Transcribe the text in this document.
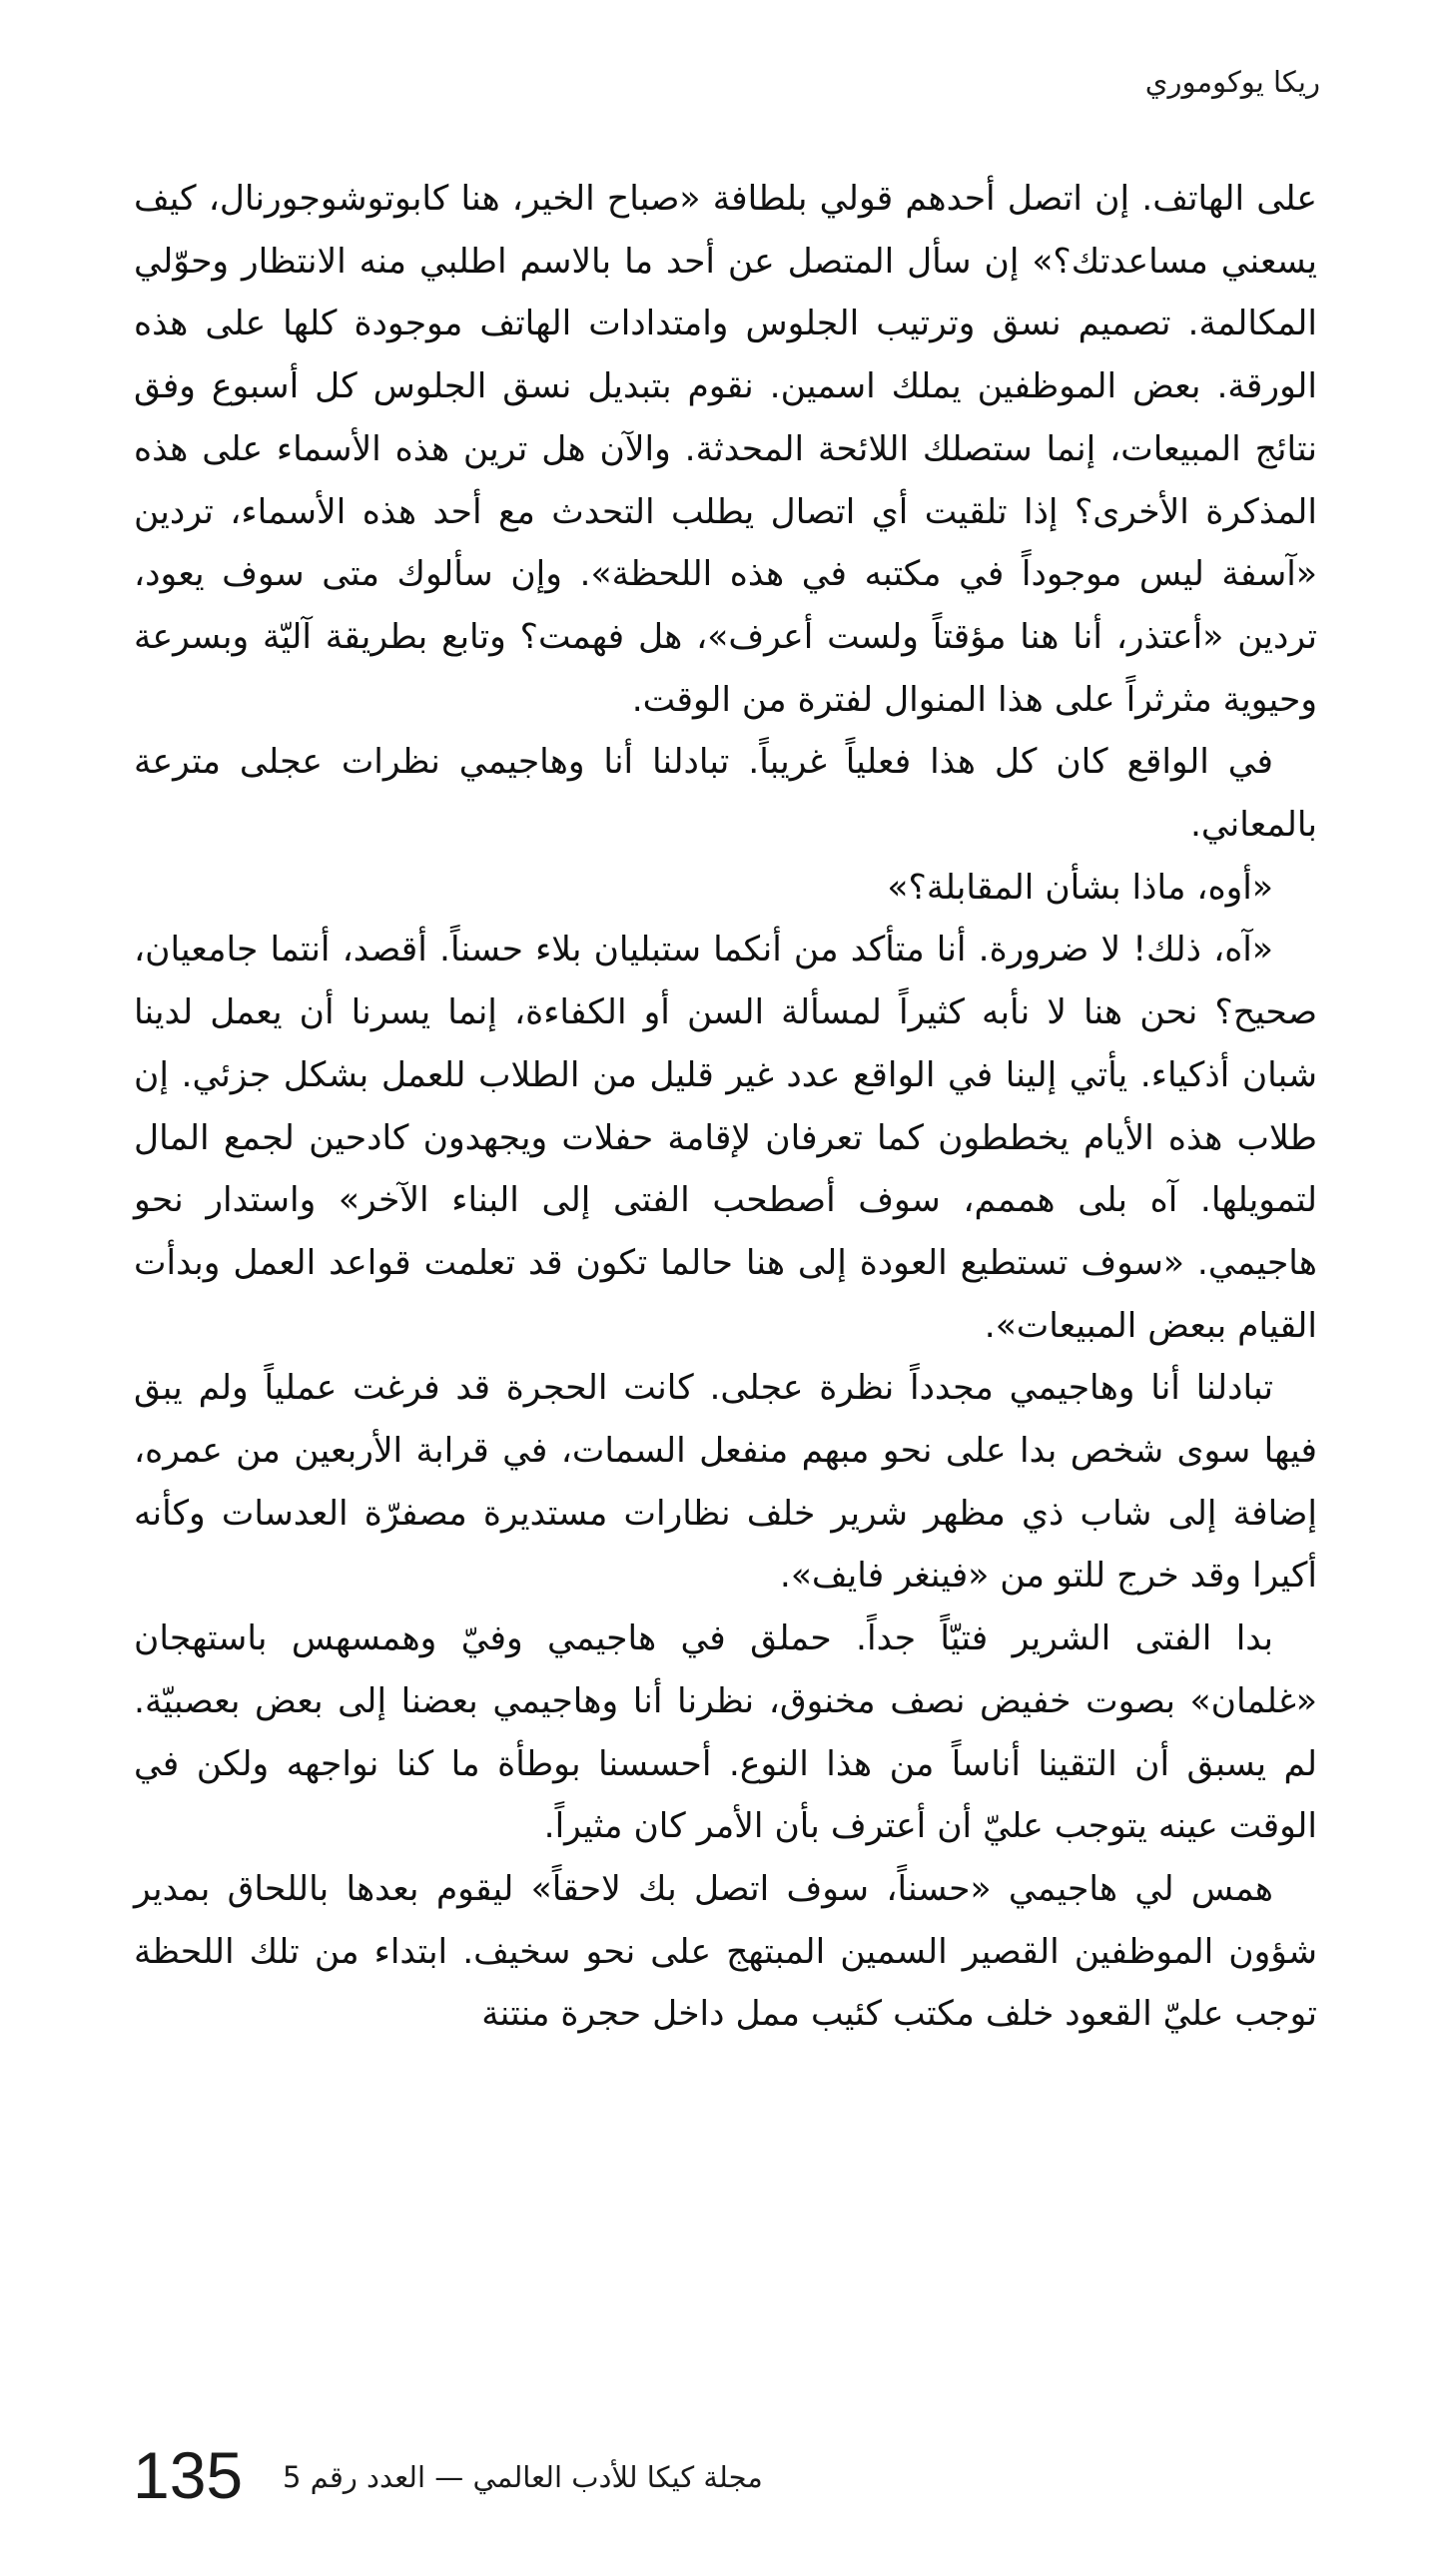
ريكا يوكوموري

على الهاتف. إن اتصل أحدهم قولي بلطافة «صباح الخير، هنا كابوتوشوجورنال، كيف يسعني مساعدتك؟» إن سأل المتصل عن أحد ما بالاسم اطلبي منه الانتظار وحوّلي المكالمة. تصميم نسق وترتيب الجلوس وامتدادات الهاتف موجودة كلها على هذه الورقة. بعض الموظفين يملك اسمين. نقوم بتبديل نسق الجلوس كل أسبوع وفق نتائج المبيعات، إنما ستصلك اللائحة المحدثة. والآن هل ترين هذه الأسماء على هذه المذكرة الأخرى؟ إذا تلقيت أي اتصال يطلب التحدث مع أحد هذه الأسماء، تردين «آسفة ليس موجوداً في مكتبه في هذه اللحظة». وإن سألوك متى سوف يعود، تردين «أعتذر، أنا هنا مؤقتاً ولست أعرف»، هل فهمت؟ وتابع بطريقة آليّة وبسرعة وحيوية مثرثراً على هذا المنوال لفترة من الوقت.

في الواقع كان كل هذا فعلياً غريباً. تبادلنا أنا وهاجيمي نظرات عجلى مترعة بالمعاني.

«أوه، ماذا بشأن المقابلة؟»

«آه، ذلك! لا ضرورة. أنا متأكد من أنكما ستبليان بلاء حسناً. أقصد، أنتما جامعيان، صحيح؟ نحن هنا لا نأبه كثيراً لمسألة السن أو الكفاءة، إنما يسرنا أن يعمل لدينا شبان أذكياء. يأتي إلينا في الواقع عدد غير قليل من الطلاب للعمل بشكل جزئي. إن طلاب هذه الأيام يخططون كما تعرفان لإقامة حفلات ويجهدون كادحين لجمع المال لتمويلها. آه بلى هممم، سوف أصطحب الفتى إلى البناء الآخر» واستدار نحو هاجيمي. «سوف تستطيع العودة إلى هنا حالما تكون قد تعلمت قواعد العمل وبدأت القيام ببعض المبيعات».

تبادلنا أنا وهاجيمي مجدداً نظرة عجلى. كانت الحجرة قد فرغت عملياً ولم يبق فيها سوى شخص بدا على نحو مبهم منفعل السمات، في قرابة الأربعين من عمره، إضافة إلى شاب ذي مظهر شرير خلف نظارات مستديرة مصفرّة العدسات وكأنه أكيرا وقد خرج للتو من «فينغر فايف».

بدا الفتى الشرير فتيّاً جداً. حملق في هاجيمي وفيّ وهمسهس باستهجان «غلمان» بصوت خفيض نصف مخنوق، نظرنا أنا وهاجيمي بعضنا إلى بعض بعصبيّة. لم يسبق أن التقينا أناساً من هذا النوع. أحسسنا بوطأة ما كنا نواجهه ولكن في الوقت عينه يتوجب عليّ أن أعترف بأن الأمر كان مثيراً.

همس لي هاجيمي «حسناً، سوف اتصل بك لاحقاً» ليقوم بعدها باللحاق بمدير شؤون الموظفين القصير السمين المبتهج على نحو سخيف. ابتداء من تلك اللحظة توجب عليّ القعود خلف مكتب كئيب ممل داخل حجرة منتنة

135 مجلة كيكا للأدب العالمي — العدد رقم 5
